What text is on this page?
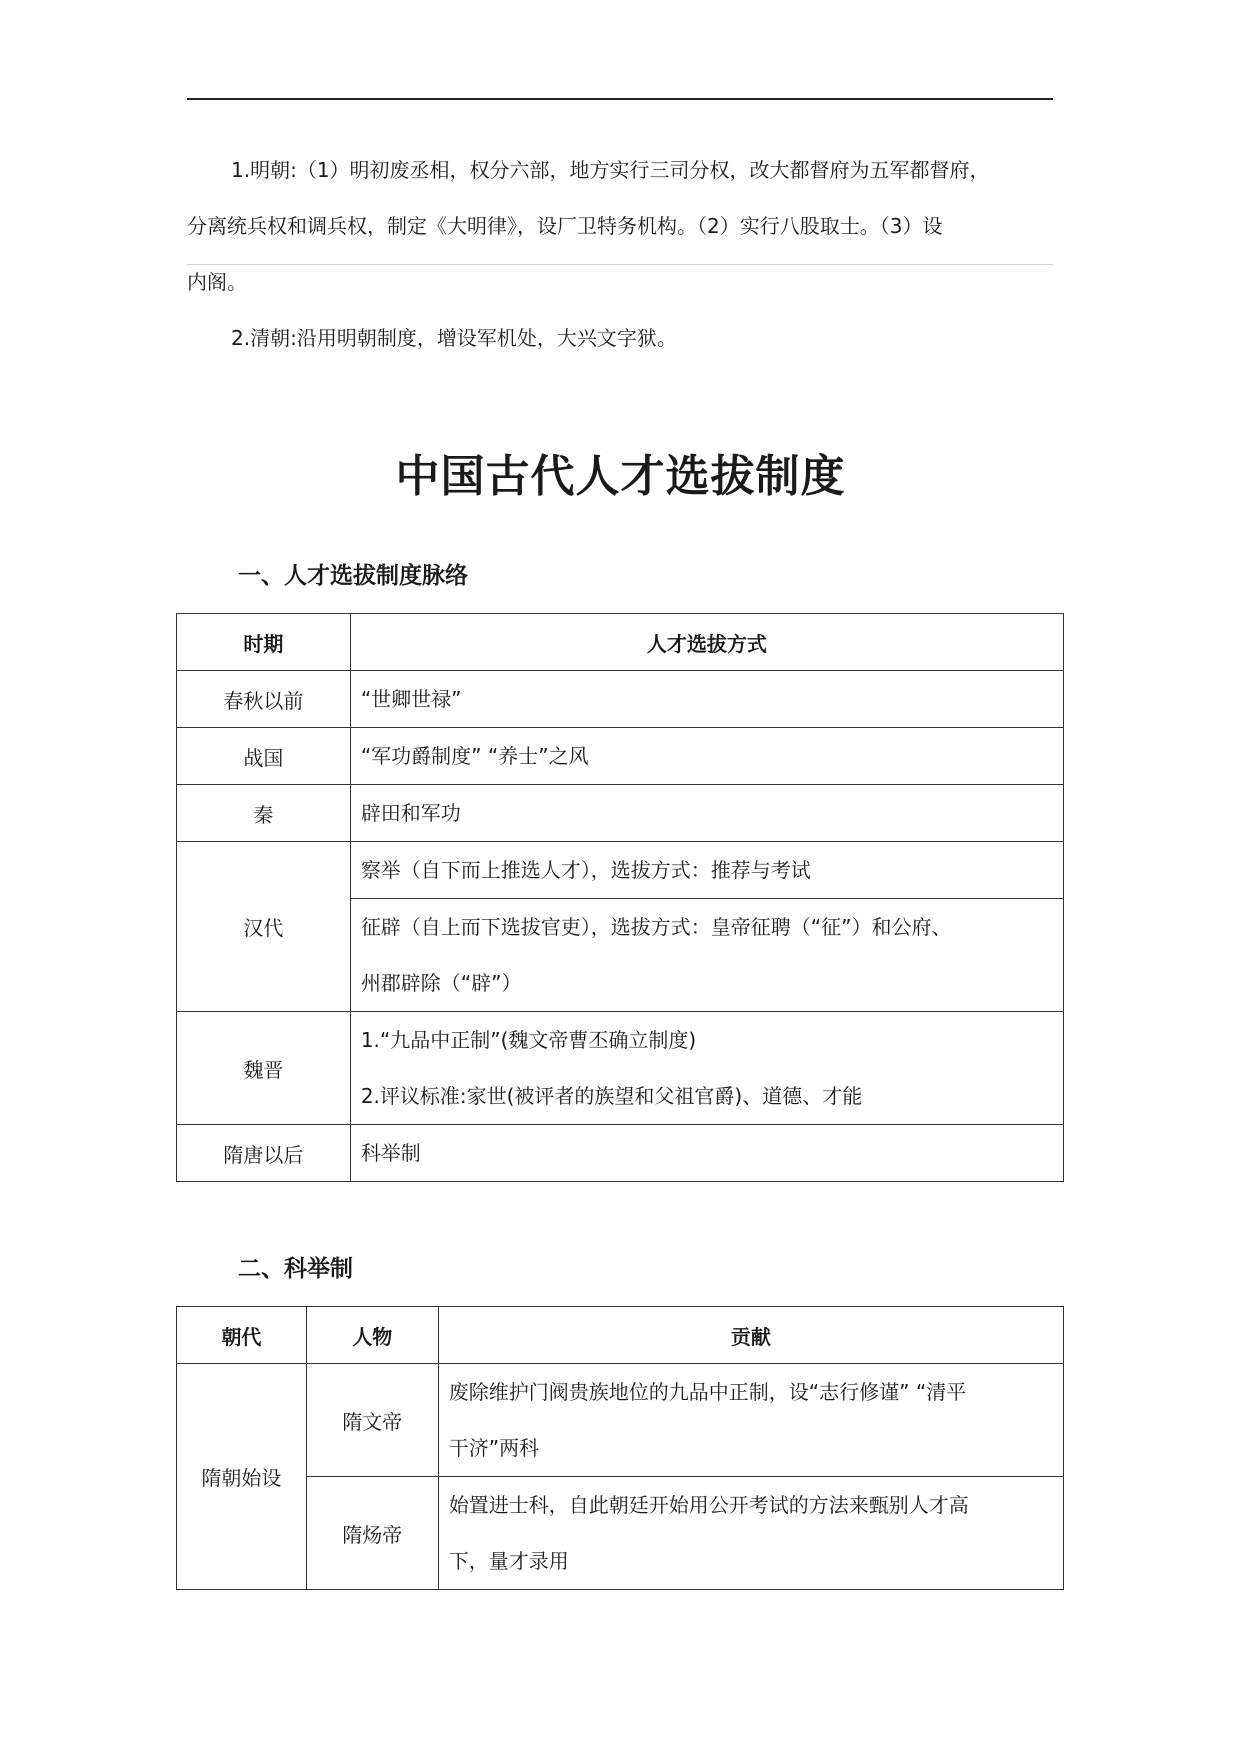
1.明朝:（1）明初废丞相，权分六部，地方实行三司分权，改大都督府为五军都督府，
分离统兵权和调兵权，制定《大明律》，设厂卫特务机构。（2）实行八股取士。（3）设
内阁。

2.清朝:沿用明朝制度，增设军机处，大兴文字狱。

中国古代人才选拔制度
一、人才选拔制度脉络
时期	人才选拔方式
春秋以前	“世卿世禄”

战国	“军功爵制度” “养士”之风

秦	辟田和军功

汉代	察举（自下而上推选人才），选拔方式：推荐与考试
征辟（自上而下选拔官吏），选拔方式：皇帝征聘（“征”）和公府、
州郡辟除（“辟”）

魏晋	1.“九品中正制”(魏文帝曹丕确立制度)
2.评议标准:家世(被评者的族望和父祖官爵)、道德、才能

隋唐以后	科举制
二、科举制
朝代	人物	贡献
隋朝始设	隋文帝	废除维护门阀贵族地位的九品中正制，设“志行修谨” “清平
干济”两科

	隋炀帝	始置进士科，自此朝廷开始用公开考试的方法来甄别人才高
下，量才录用
